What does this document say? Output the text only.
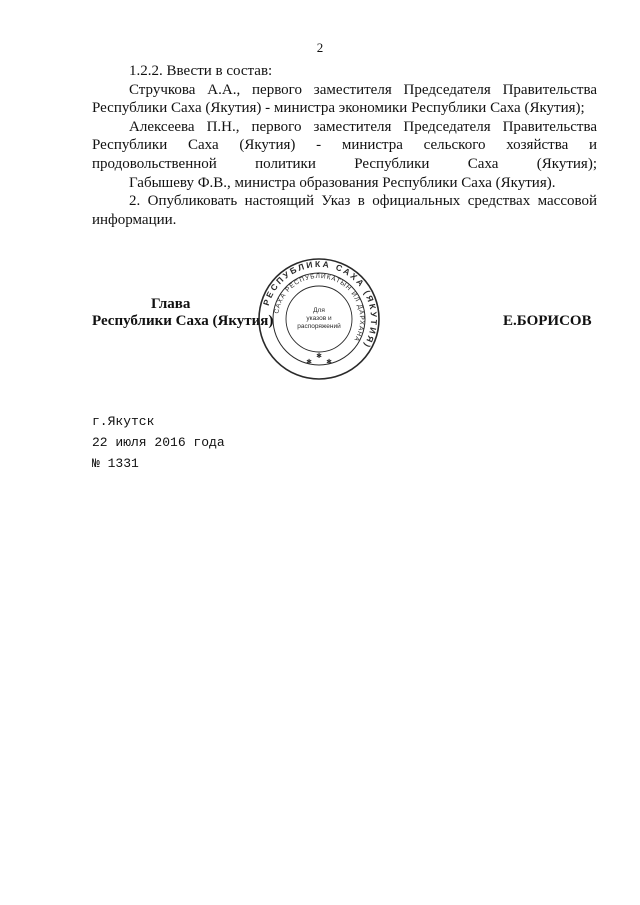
2

1.2.2. Ввести в состав:

Стручкова А.А., первого заместителя Председателя Правительства Республики Саха (Якутия) - министра экономики Республики Саха (Якутия);

Алексеева П.Н., первого заместителя Председателя Правительства Республики Саха (Якутия) - министра сельского хозяйства и продовольственной политики Республики Саха (Якутия);

Габышеву Ф.В., министра образования Республики Саха (Якутия).

2. Опубликовать настоящий Указ в официальных средствах массовой информации.

Глава
Республики Саха (Якутия)	Е.БОРИСОВ
РЕСПУБЛИКА САХА (ЯКУТИЯ)
САХА РЕСПУБЛИКАТЫН ИЛ ДАРХАНА
Для
указов и
распоряжений
✱
✱ ✱
г.Якутск
22 июля 2016 года
№ 1331
